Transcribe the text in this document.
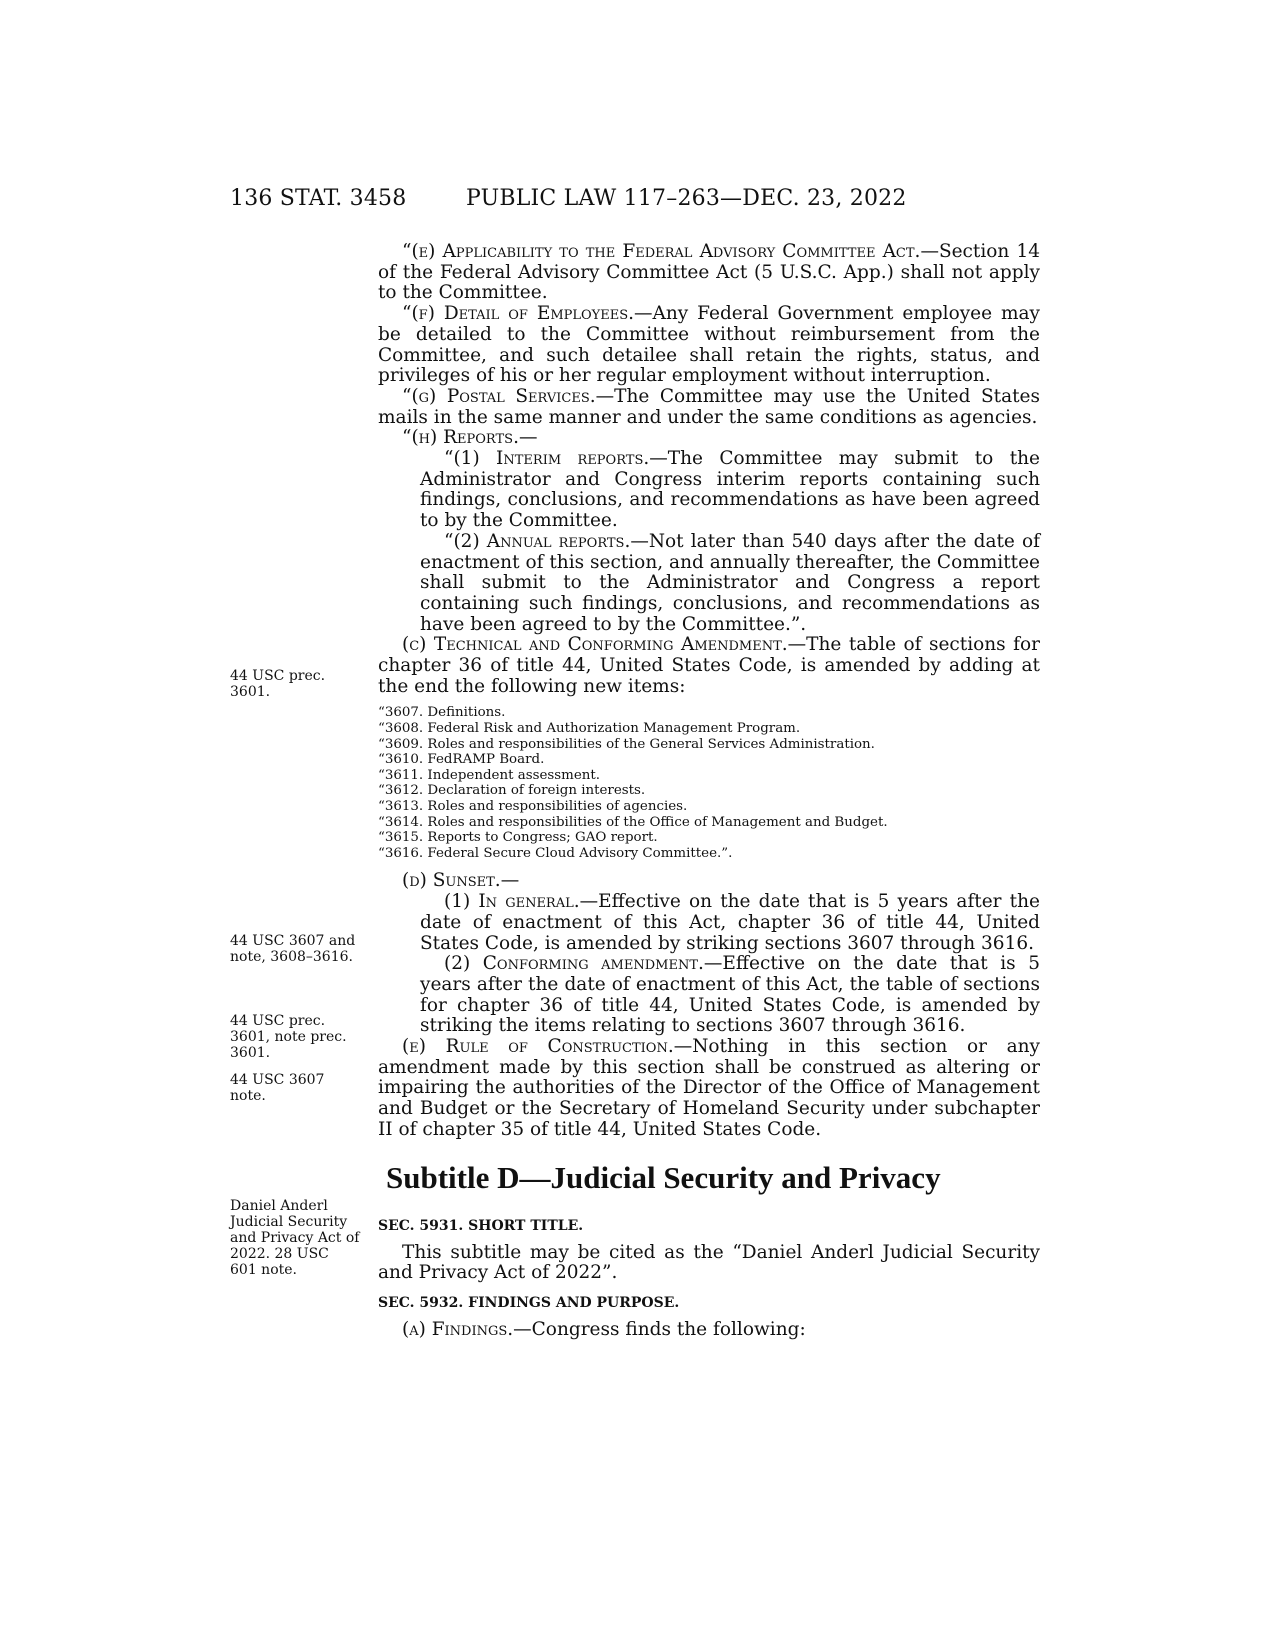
136 STAT. 3458	PUBLIC LAW 117–263—DEC. 23, 2022
44 USC prec. 3601.
44 USC 3607 and note, 3608–3616.
44 USC prec. 3601, note prec. 3601.
44 USC 3607 note.
Daniel Anderl Judicial Security and Privacy Act of 2022. 28 USC 601 note.

“(e) Applicability to the Federal Advisory Committee Act.—Section 14 of the Federal Advisory Committee Act (5 U.S.C. App.) shall not apply to the Committee.

“(f) Detail of Employees.—Any Federal Government employee may be detailed to the Committee without reimbursement from the Committee, and such detailee shall retain the rights, status, and privileges of his or her regular employment without interruption.

“(g) Postal Services.—The Committee may use the United States mails in the same manner and under the same conditions as agencies.

“(h) Reports.—

“(1) Interim reports.—The Committee may submit to the Administrator and Congress interim reports containing such findings, conclusions, and recommendations as have been agreed to by the Committee.

“(2) Annual reports.—Not later than 540 days after the date of enactment of this section, and annually thereafter, the Committee shall submit to the Administrator and Congress a report containing such findings, conclusions, and recommendations as have been agreed to by the Committee.”.

(c) Technical and Conforming Amendment.—The table of sections for chapter 36 of title 44, United States Code, is amended by adding at the end the following new items:

“3607. Definitions.
“3608. Federal Risk and Authorization Management Program.
“3609. Roles and responsibilities of the General Services Administration.
“3610. FedRAMP Board.
“3611. Independent assessment.
“3612. Declaration of foreign interests.
“3613. Roles and responsibilities of agencies.
“3614. Roles and responsibilities of the Office of Management and Budget.
“3615. Reports to Congress; GAO report.
“3616. Federal Secure Cloud Advisory Committee.”.

(d) Sunset.—

(1) In general.—Effective on the date that is 5 years after the date of enactment of this Act, chapter 36 of title 44, United States Code, is amended by striking sections 3607 through 3616.

(2) Conforming amendment.—Effective on the date that is 5 years after the date of enactment of this Act, the table of sections for chapter 36 of title 44, United States Code, is amended by striking the items relating to sections 3607 through 3616.

(e) Rule of Construction.—Nothing in this section or any amendment made by this section shall be construed as altering or impairing the authorities of the Director of the Office of Management and Budget or the Secretary of Homeland Security under subchapter II of chapter 35 of title 44, United States Code.

Subtitle D—Judicial Security and Privacy
SEC. 5931. SHORT TITLE.

This subtitle may be cited as the “Daniel Anderl Judicial Security and Privacy Act of 2022”.

SEC. 5932. FINDINGS AND PURPOSE.

(a) Findings.—Congress finds the following:
